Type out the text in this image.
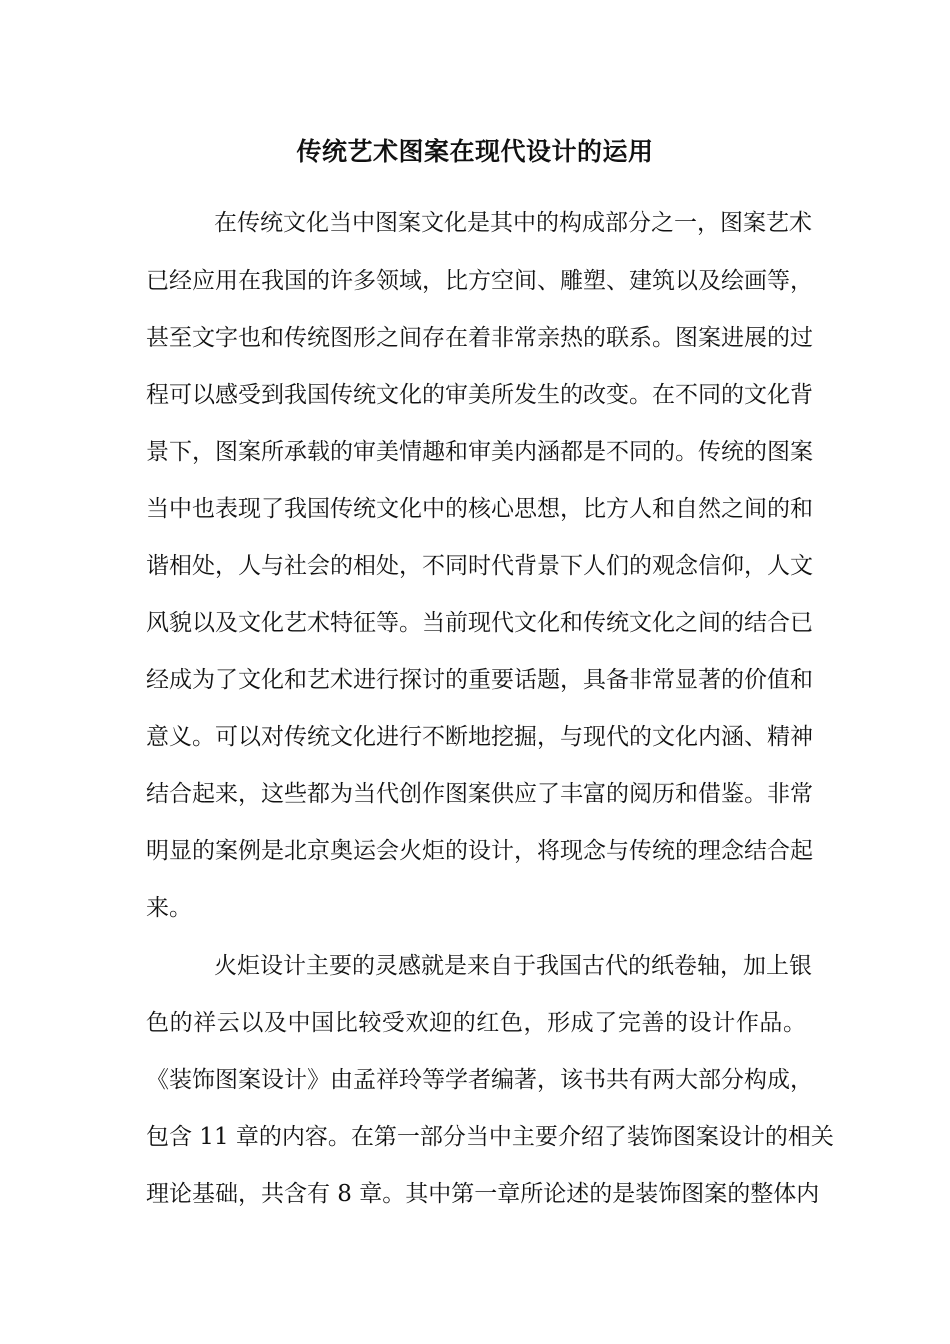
传统艺术图案在现代设计的运用
在传统文化当中图案文化是其中的构成部分之一，图案艺术
已经应用在我国的许多领域，比方空间、雕塑、建筑以及绘画等，
甚至文字也和传统图形之间存在着非常亲热的联系。图案进展的过
程可以感受到我国传统文化的审美所发生的改变。在不同的文化背
景下，图案所承载的审美情趣和审美内涵都是不同的。传统的图案
当中也表现了我国传统文化中的核心思想，比方人和自然之间的和
谐相处，人与社会的相处，不同时代背景下人们的观念信仰，人文
风貌以及文化艺术特征等。当前现代文化和传统文化之间的结合已
经成为了文化和艺术进行探讨的重要话题，具备非常显著的价值和
意义。可以对传统文化进行不断地挖掘，与现代的文化内涵、精神
结合起来，这些都为当代创作图案供应了丰富的阅历和借鉴。非常
明显的案例是北京奥运会火炬的设计，将现念与传统的理念结合起
来。
火炬设计主要的灵感就是来自于我国古代的纸卷轴，加上银
色的祥云以及中国比较受欢迎的红色，形成了完善的设计作品。
《装饰图案设计》由孟祥玲等学者编著，该书共有两大部分构成，
包含 11 章的内容。在第一部分当中主要介绍了装饰图案设计的相关
理论基础，共含有 8 章。其中第一章所论述的是装饰图案的整体内
